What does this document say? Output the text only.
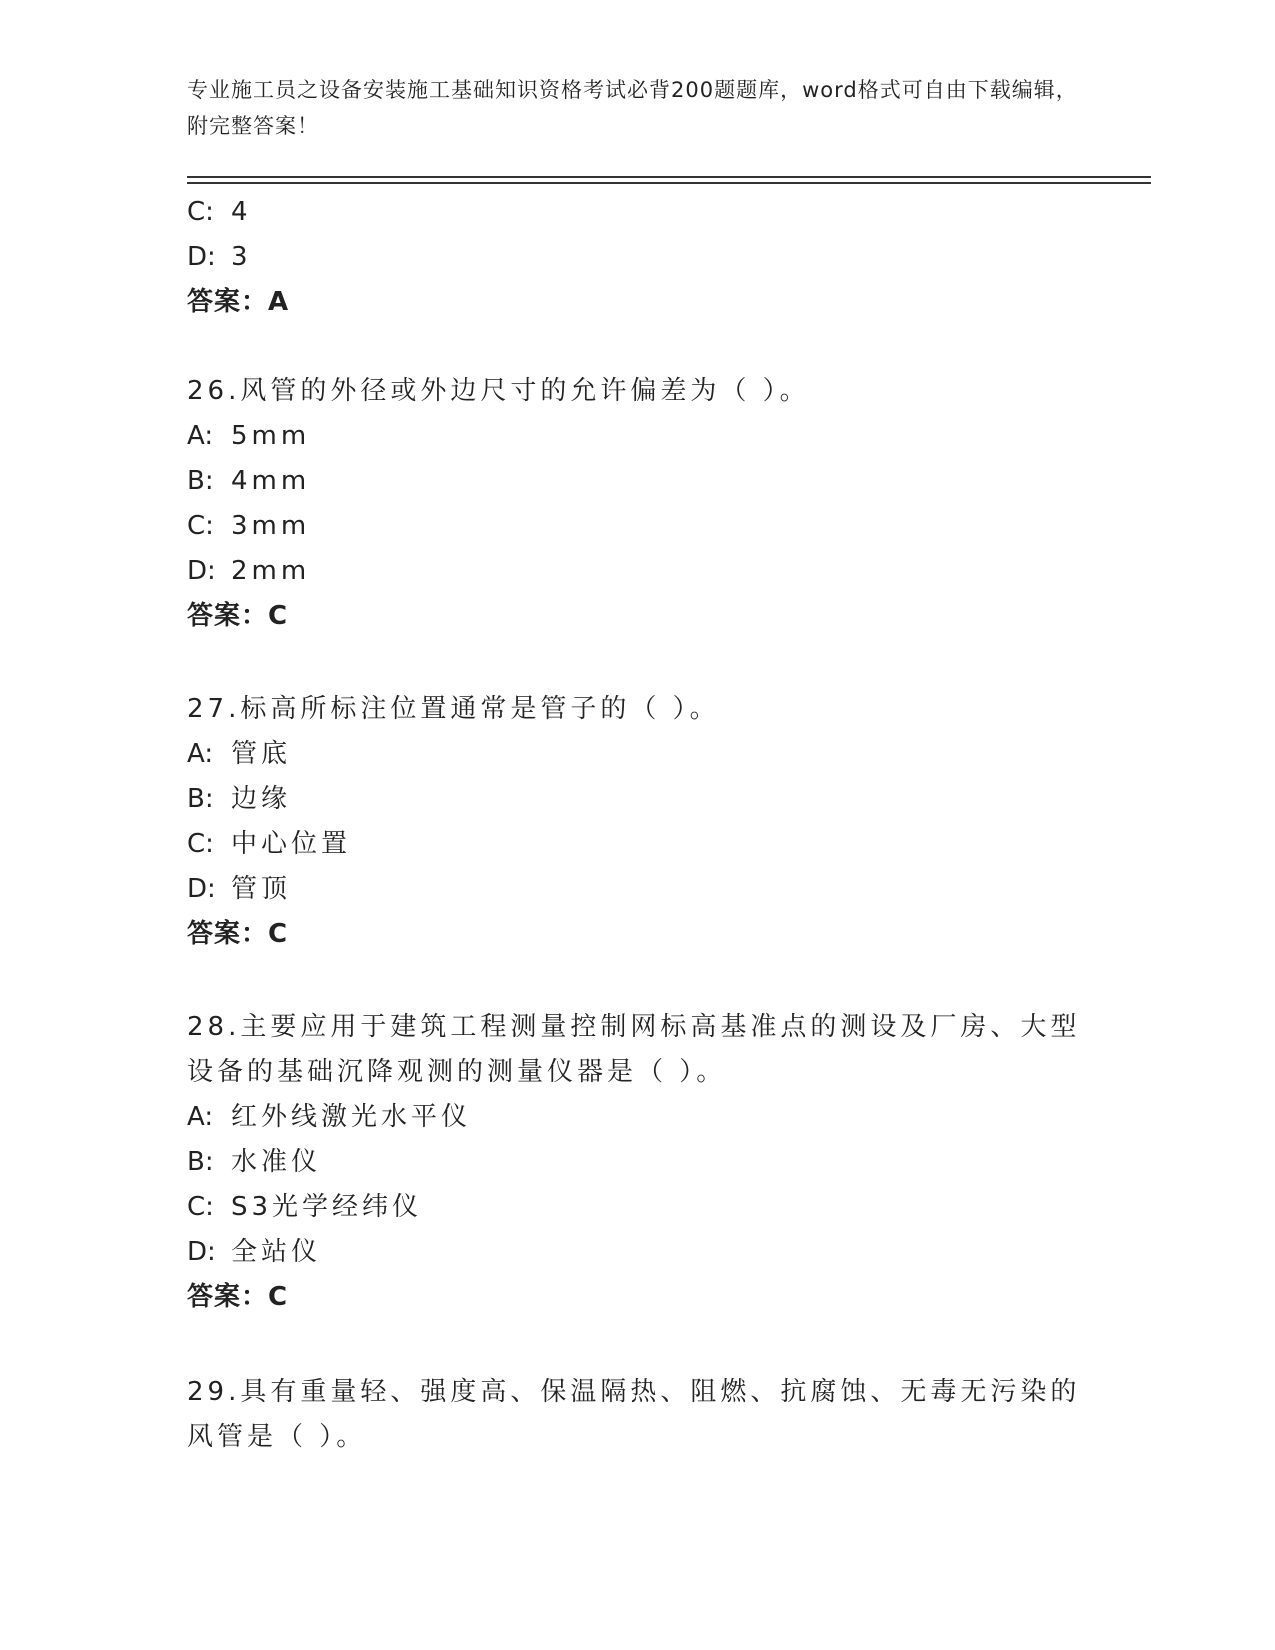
专业施工员之设备安装施工基础知识资格考试必背200题题库，word格式可自由下载编辑，附完整答案！
C: 4
D: 3
答案：A
26.风管的外径或外边尺寸的允许偏差为（ ）。
A: 5mm
B: 4mm
C: 3mm
D: 2mm
答案：C
27.标高所标注位置通常是管子的（ ）。
A: 管底
B: 边缘
C: 中心位置
D: 管顶
答案：C
28.主要应用于建筑工程测量控制网标高基准点的测设及厂房、大型设备的基础沉降观测的测量仪器是（ ）。
A: 红外线激光水平仪
B: 水准仪
C: S3光学经纬仪
D: 全站仪
答案：C
29.具有重量轻、强度高、保温隔热、阻燃、抗腐蚀、无毒无污染的风管是（ ）。
